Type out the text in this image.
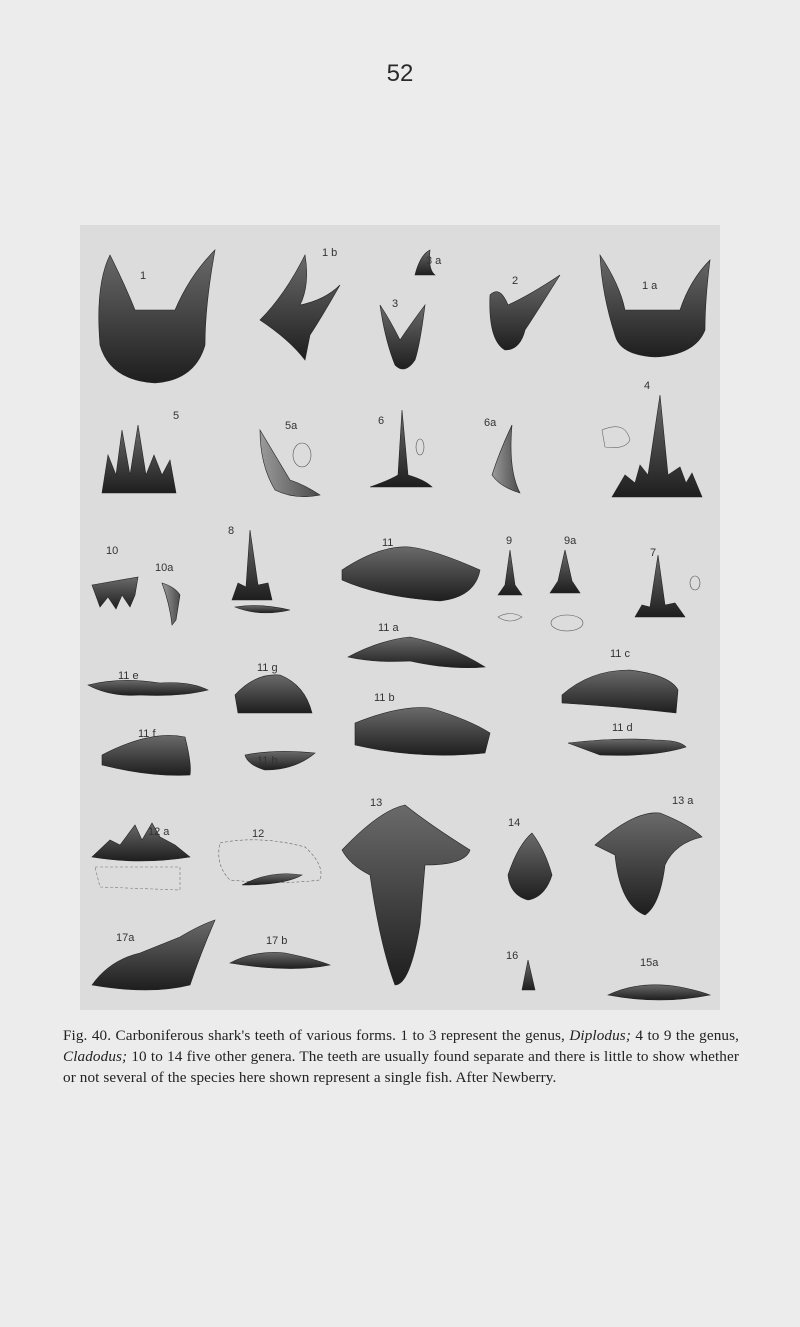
52
1
1 b
3 a
3
2	1 a
5
5a	6	6a
4
8
10
10a
11	9	9a
7
11 a
11 e
11 g
11 c
11 b
11 f	11 d
11 h
13	13 a
12 a	12
14
17a	17 b
16
15a

Fig. 40. Carboniferous shark's teeth of various forms. 1 to 3 represent the genus, Diplodus; 4 to 9 the genus, Cladodus; 10 to 14 five other genera. The teeth are usually found separate and there is little to show whether or not several of the species here shown represent a single fish. After Newberry.
